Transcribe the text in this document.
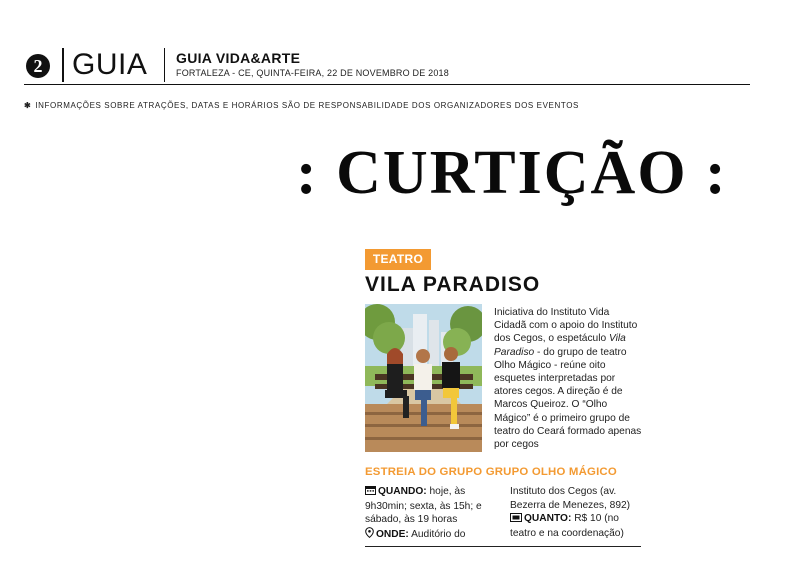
2 GUIA GUIA VIDA&ARTE
FORTALEZA - CE, QUINTA-FEIRA, 22 DE NOVEMBRO DE 2018
✱ INFORMAÇÕES SOBRE ATRAÇÕES, DATAS E HORÁRIOS SÃO DE RESPONSABILIDADE DOS ORGANIZADORES DOS EVENTOS
: CURTIÇÃO :
TEATRO
VILA PARADISO

Iniciativa do Instituto Vida Cidadã com o apoio do Instituto dos Cegos, o espetáculo Vila Paradiso - do grupo de teatro Olho Mágico - reúne oito esquetes interpretadas por atores cegos. A direção é de Marcos Queiroz. O “Olho Mágico” é o primeiro grupo de teatro do Ceará formado apenas por cegos

ESTREIA DO GRUPO GRUPO OLHO MÁGICO
QUANDO: hoje, às 9h30min; sexta, às 15h; e sábado, às 19 horas
ONDE: Auditório do
Instituto dos Cegos (av. Bezerra de Menezes, 892)
QUANTO: R$ 10 (no teatro e na coordenação)
